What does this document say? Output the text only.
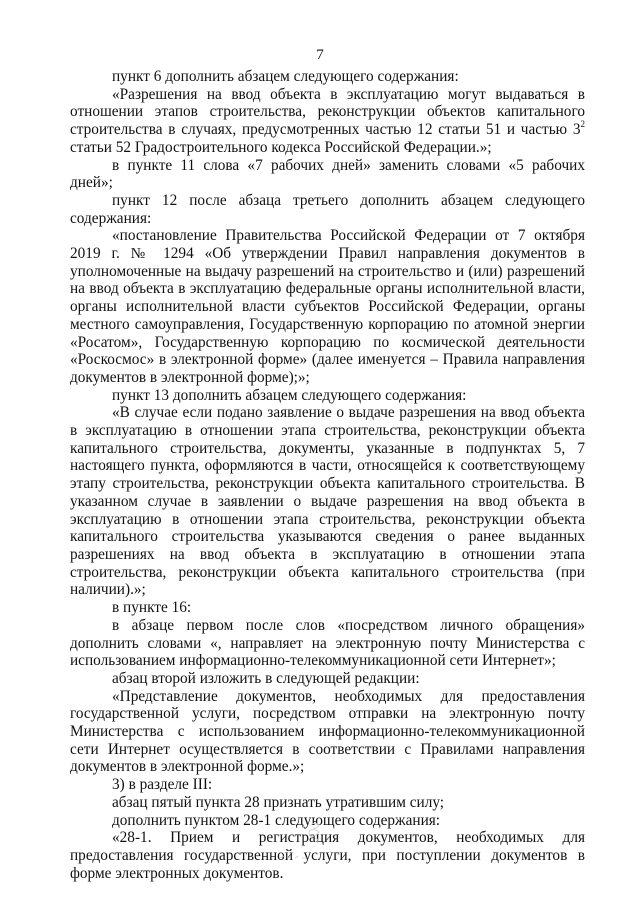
7

пункт 6 дополнить абзацем следующего содержания:

«Разрешения на ввод объекта в эксплуатацию могут выдаваться в отношении этапов строительства, реконструкции объектов капитального строительства в случаях, предусмотренных частью 12 статьи 51 и частью $3^2$ статьи 52 Градостроительного кодекса Российской Федерации.»;

в пункте 11 слова «7 рабочих дней» заменить словами «5 рабочих дней»;

пункт 12 после абзаца третьего дополнить абзацем следующего содержания:

«постановление Правительства Российской Федерации от 7 октября 2019 г. № 1294 «Об утверждении Правил направления документов в уполномоченные на выдачу разрешений на строительство и (или) разрешений на ввод объекта в эксплуатацию федеральные органы исполнительной власти, органы исполнительной власти субъектов Российской Федерации, органы местного самоуправления, Государственную корпорацию по атомной энергии «Росатом», Государственную корпорацию по космической деятельности «Роскосмос» в электронной форме» (далее именуется – Правила направления документов в электронной форме);»;

пункт 13 дополнить абзацем следующего содержания:

«В случае если подано заявление о выдаче разрешения на ввод объекта в эксплуатацию в отношении этапа строительства, реконструкции объекта капитального строительства, документы, указанные в подпунктах 5, 7 настоящего пункта, оформляются в части, относящейся к соответствующему этапу строительства, реконструкции объекта капитального строительства. В указанном случае в заявлении о выдаче разрешения на ввод объекта в эксплуатацию в отношении этапа строительства, реконструкции объекта капитального строительства указываются сведения о ранее выданных разрешениях на ввод объекта в эксплуатацию в отношении этапа строительства, реконструкции объекта капитального строительства (при наличии).»;

в пункте 16:

в абзаце первом после слов «посредством личного обращения» дополнить словами «, направляет на электронную почту Министерства с использованием информационно-телекоммуникационной сети Интернет»;

абзац второй изложить в следующей редакции:

«Представление документов, необходимых для предоставления государственной услуги, посредством отправки на электронную почту Министерства с использованием информационно-телекоммуникационной сети Интернет осуществляется в соответствии с Правилами направления документов в электронной форме.»;

3) в разделе III:

абзац пятый пункта 28 признать утратившим силу;

дополнить пунктом 28-1 следующего содержания:

«28-1. Прием и регистрация документов, необходимых для предоставления государственной услуги, при поступлении документов в форме электронных документов.
